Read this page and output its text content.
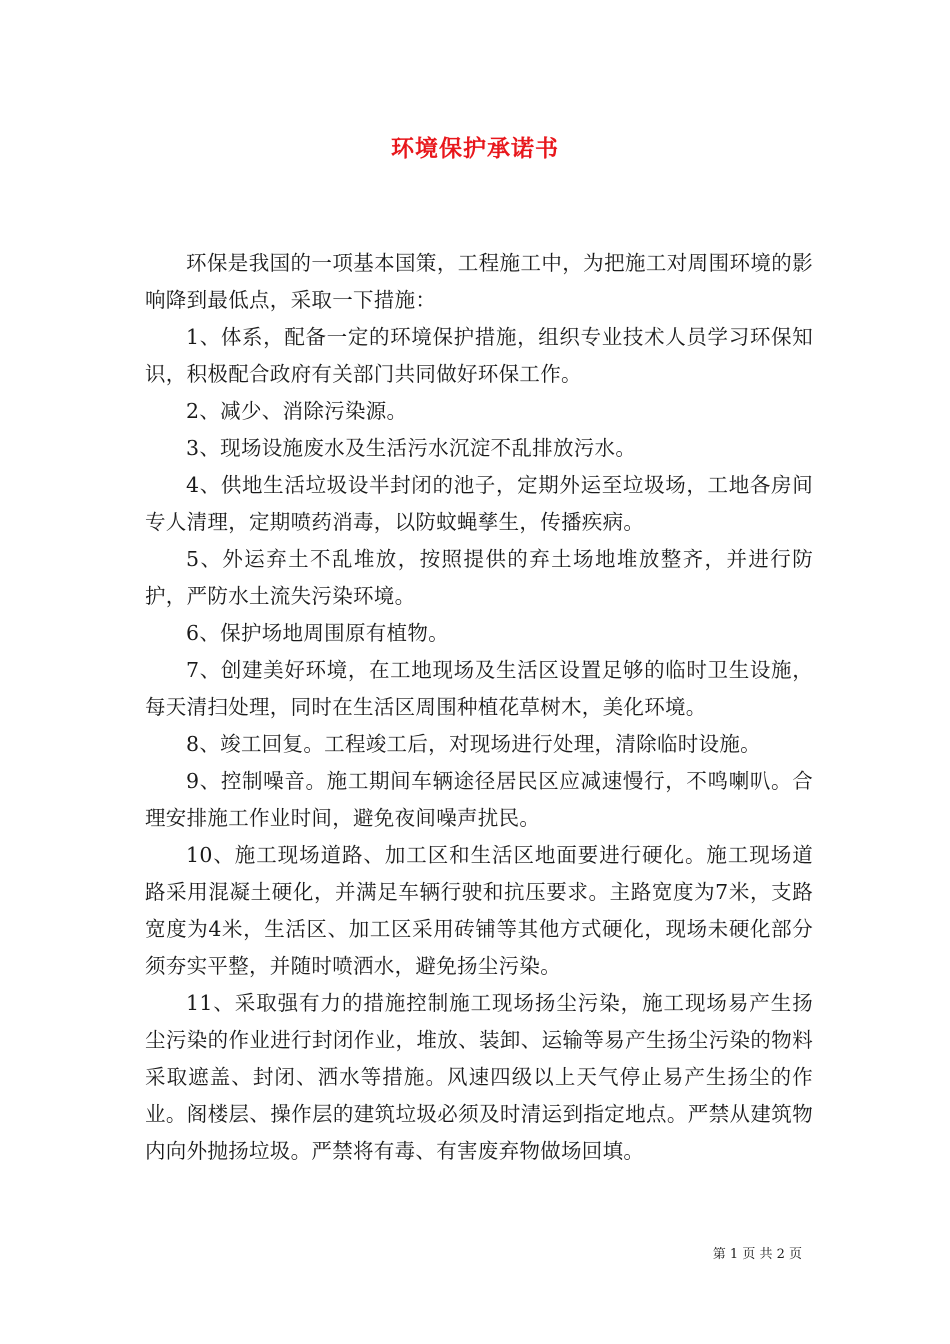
环境保护承诺书

环保是我国的一项基本国策，工程施工中，为把施工对周围环境的影响降到最低点，采取一下措施：

1、体系，配备一定的环境保护措施，组织专业技术人员学习环保知识，积极配合政府有关部门共同做好环保工作。

2、减少、消除污染源。

3、现场设施废水及生活污水沉淀不乱排放污水。

4、供地生活垃圾设半封闭的池子，定期外运至垃圾场，工地各房间专人清理，定期喷药消毒，以防蚊蝇孳生，传播疾病。

5、外运弃土不乱堆放，按照提供的弃土场地堆放整齐，并进行防护，严防水土流失污染环境。

6、保护场地周围原有植物。

7、创建美好环境，在工地现场及生活区设置足够的临时卫生设施，每天清扫处理，同时在生活区周围种植花草树木，美化环境。

8、竣工回复。工程竣工后，对现场进行处理，清除临时设施。

9、控制噪音。施工期间车辆途径居民区应减速慢行，不鸣喇叭。合理安排施工作业时间，避免夜间噪声扰民。

10、施工现场道路、加工区和生活区地面要进行硬化。施工现场道路采用混凝土硬化，并满足车辆行驶和抗压要求。主路宽度为7米，支路宽度为4米，生活区、加工区采用砖铺等其他方式硬化，现场未硬化部分须夯实平整，并随时喷洒水，避免扬尘污染。

11、采取强有力的措施控制施工现场扬尘污染，施工现场易产生扬尘污染的作业进行封闭作业，堆放、装卸、运输等易产生扬尘污染的物料采取遮盖、封闭、洒水等措施。风速四级以上天气停止易产生扬尘的作业。阁楼层、操作层的建筑垃圾必须及时清运到指定地点。严禁从建筑物内向外抛扬垃圾。严禁将有毒、有害废弃物做场回填。

第 1 页 共 2 页
